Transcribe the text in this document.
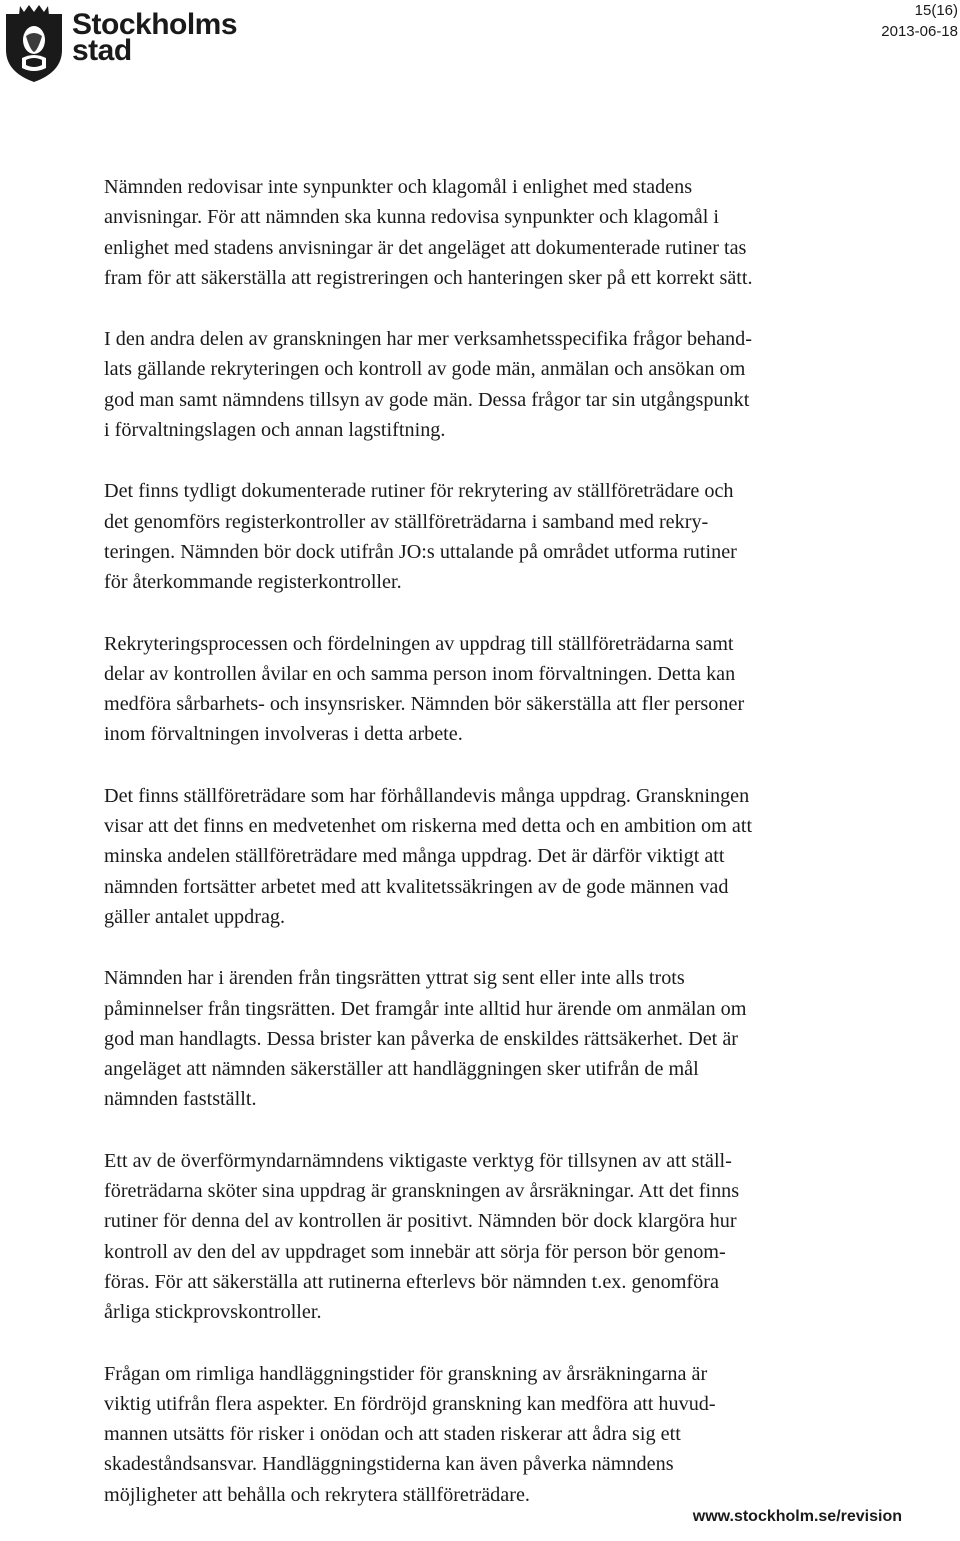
Stockholms
stad
15(16)
2013-06-18

Nämnden redovisar inte synpunkter och klagomål i enlighet med stadens
anvisningar. För att nämnden ska kunna redovisa synpunkter och klagomål i
enlighet med stadens anvisningar är det angeläget att dokumenterade rutiner tas
fram för att säkerställa att registreringen och hanteringen sker på ett korrekt sätt.

I den andra delen av granskningen har mer verksamhetsspecifika frågor behand-
lats gällande rekryteringen och kontroll av gode män, anmälan och ansökan om
god man samt nämndens tillsyn av gode män. Dessa frågor tar sin utgångspunkt
i förvaltningslagen och annan lagstiftning.

Det finns tydligt dokumenterade rutiner för rekrytering av ställföreträdare och
det genomförs registerkontroller av ställföreträdarna i samband med rekry-
teringen. Nämnden bör dock utifrån JO:s uttalande på området utforma rutiner
för återkommande registerkontroller.

Rekryteringsprocessen och fördelningen av uppdrag till ställföreträdarna samt
delar av kontrollen åvilar en och samma person inom förvaltningen. Detta kan
medföra sårbarhets- och insynsrisker. Nämnden bör säkerställa att fler personer
inom förvaltningen involveras i detta arbete.

Det finns ställföreträdare som har förhållandevis många uppdrag. Granskningen
visar att det finns en medvetenhet om riskerna med detta och en ambition om att
minska andelen ställföreträdare med många uppdrag. Det är därför viktigt att
nämnden fortsätter arbetet med att kvalitetssäkringen av de gode männen vad
gäller antalet uppdrag.

Nämnden har i ärenden från tingsrätten yttrat sig sent eller inte alls trots
påminnelser från tingsrätten. Det framgår inte alltid hur ärende om anmälan om
god man handlagts. Dessa brister kan påverka de enskildes rättsäkerhet. Det är
angeläget att nämnden säkerställer att handläggningen sker utifrån de mål
nämnden fastställt.

Ett av de överförmyndarnämndens viktigaste verktyg för tillsynen av att ställ-
företrädarna sköter sina uppdrag är granskningen av årsräkningar. Att det finns
rutiner för denna del av kontrollen är positivt. Nämnden bör dock klargöra hur
kontroll av den del av uppdraget som innebär att sörja för person bör genom-
föras. För att säkerställa att rutinerna efterlevs bör nämnden t.ex. genomföra
årliga stickprovskontroller.

Frågan om rimliga handläggningstider för granskning av årsräkningarna är
viktig utifrån flera aspekter. En fördröjd granskning kan medföra att huvud-
mannen utsätts för risker i onödan och att staden riskerar att ådra sig ett
skadeståndsansvar. Handläggningstiderna kan även påverka nämndens
möjligheter att behålla och rekrytera ställföreträdare.

www.stockholm.se/revision
